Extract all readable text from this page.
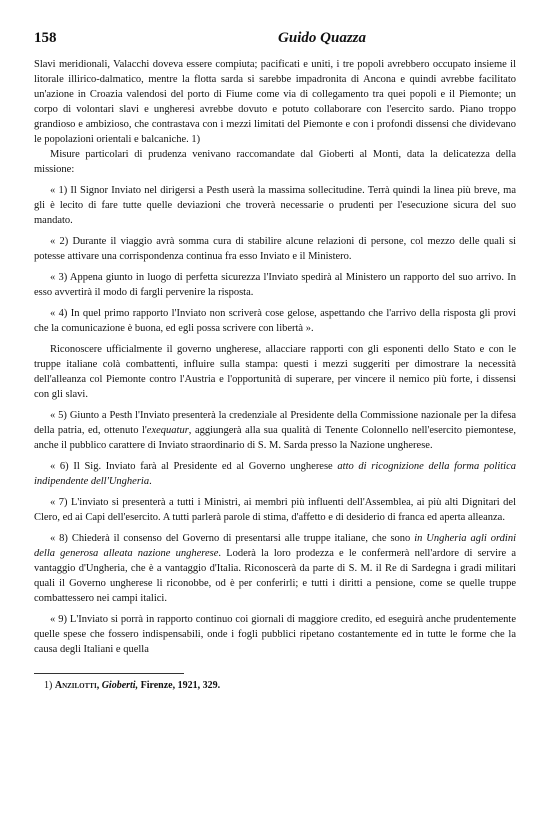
158	Guido Quazza

Slavi meridionali, Valacchi doveva essere compiuta; pacificati e uniti, i tre popoli avrebbero occupato insieme il litorale illirico-dalmatico, mentre la flotta sarda si sarebbe impadronita di Ancona e quindi avrebbe facilitato un'azione in Croazia valendosi del porto di Fiume come via di collegamento tra quei popoli e il Piemonte; un corpo di volontari slavi e ungheresi avrebbe dovuto e potuto collaborare con l'esercito sardo. Piano troppo grandioso e ambizioso, che contrastava con i mezzi limitati del Piemonte e con i profondi dissensi che dividevano le popolazioni orientali e balcaniche. 1)

Misure particolari di prudenza venivano raccomandate dal Gioberti al Monti, data la delicatezza della missione:

« 1) Il Signor Inviato nel dirigersi a Pesth userà la massima sollecitudine. Terrà quindi la linea più breve, ma gli è lecito di fare tutte quelle deviazioni che troverà necessarie o prudenti per l'esecuzione sicura del suo mandato.

« 2) Durante il viaggio avrà somma cura di stabilire alcune relazioni di persone, col mezzo delle quali si potesse attivare una corrispondenza continua fra esso Inviato e il Ministero.

« 3) Appena giunto in luogo di perfetta sicurezza l'Inviato spedirà al Ministero un rapporto del suo arrivo. In esso avvertirà il modo di fargli pervenire la risposta.

« 4) In quel primo rapporto l'Inviato non scriverà cose gelose, aspettando che l'arrivo della risposta gli provi che la comunicazione è buona, ed egli possa scrivere con libertà ».

Riconoscere ufficialmente il governo ungherese, allacciare rapporti con gli esponenti dello Stato e con le truppe italiane colà combattenti, influire sulla stampa: questi i mezzi suggeriti per dimostrare la necessità dell'alleanza col Piemonte contro l'Austria e l'opportunità di superare, per vincere il nemico più forte, i dissensi con gli slavi.

« 5) Giunto a Pesth l'Inviato presenterà la credenziale al Presidente della Commissione nazionale per la difesa della patria, ed, ottenuto l'exequatur, aggiungerà alla sua qualità di Tenente Colonnello nell'esercito piemontese, anche il pubblico carattere di Inviato straordinario di S. M. Sarda presso la Nazione ungherese.

« 6) Il Sig. Inviato farà al Presidente ed al Governo ungherese atto di ricognizione della forma politica indipendente dell'Ungheria.

« 7) L'inviato si presenterà a tutti i Ministri, ai membri più influenti dell'Assemblea, ai più alti Dignitari del Clero, ed ai Capi dell'esercito. A tutti parlerà parole di stima, d'affetto e di desiderio di franca ed aperta alleanza.

« 8) Chiederà il consenso del Governo di presentarsi alle truppe italiane, che sono in Ungheria agli ordini della generosa alleata nazione ungherese. Loderà la loro prodezza e le confermerà nell'ardore di servire a vantaggio d'Ungheria, che è a vantaggio d'Italia. Riconoscerà da parte di S. M. il Re di Sardegna i gradi militari quali il Governo ungherese li riconobbe, od è per conferirli; e tutti i diritti a pensione, come se quelle truppe combattessero nei campi italici.

« 9) L'Inviato si porrà in rapporto continuo coi giornali di maggiore credito, ed eseguirà anche prudentemente quelle spese che fossero indispensabili, onde i fogli pubblici ripetano costantemente ed in tutte le forme che la causa degli Italiani e quella

1) Anzilotti, Gioberti, Firenze, 1921, 329.
